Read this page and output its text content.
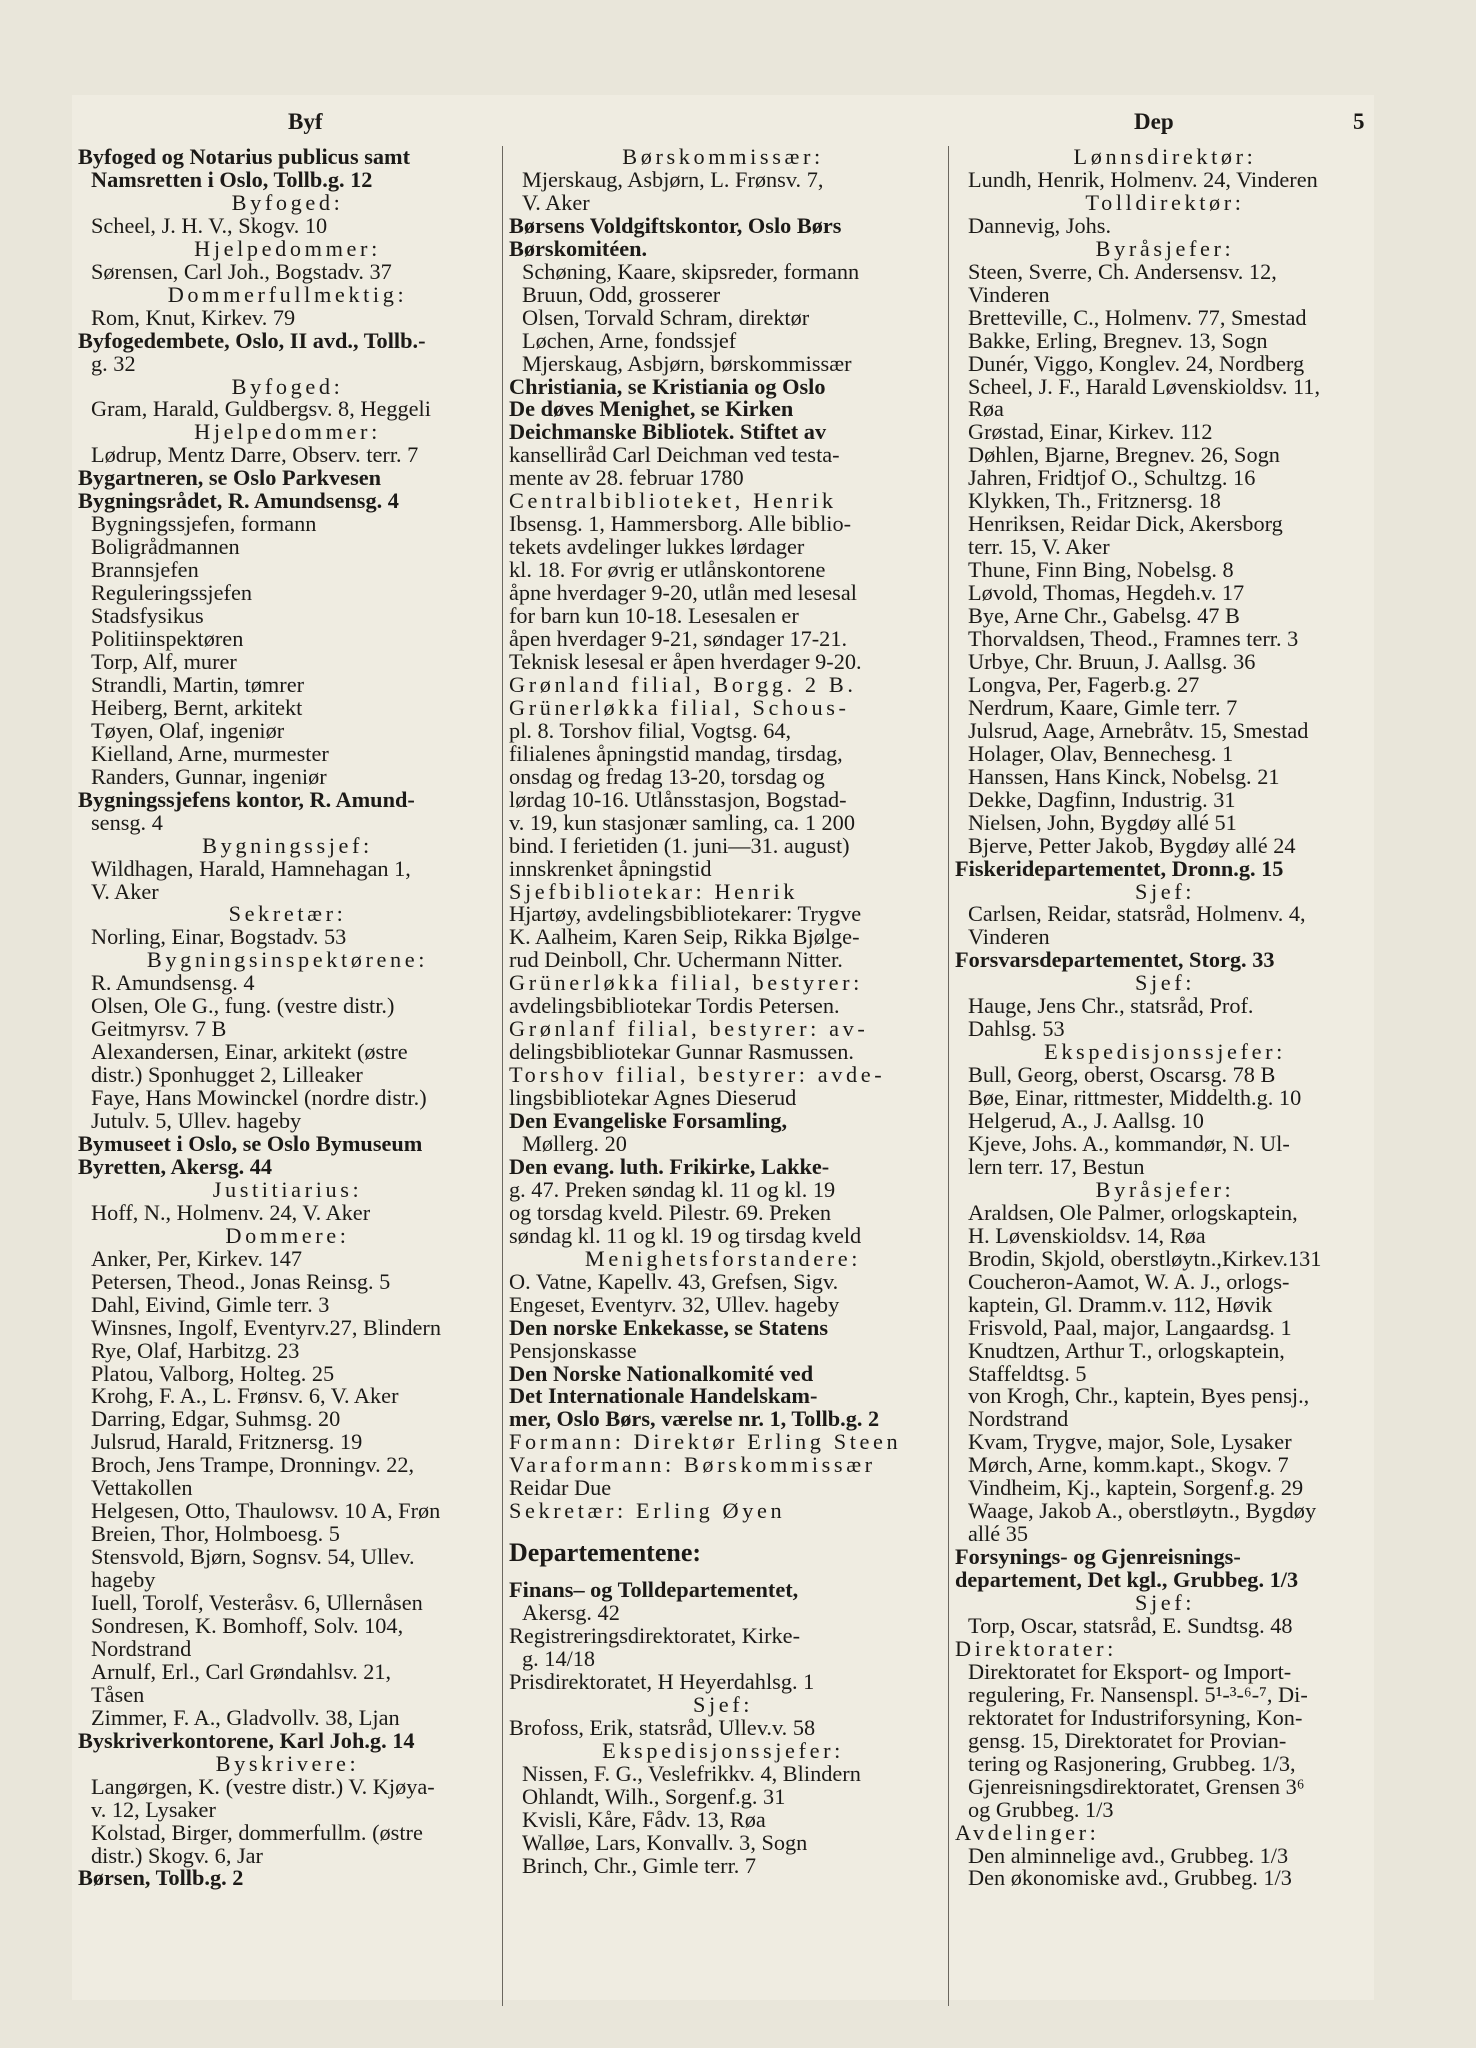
Byf	Dep	5
Byfoged og Notarius publicus samt
Namsretten i Oslo, Tollb.g. 12
Byfoged:
Scheel, J. H. V., Skogv. 10
Hjelpedommer:
Sørensen, Carl Joh., Bogstadv. 37
Dommerfullmektig:
Rom, Knut, Kirkev. 79
Byfogedembete, Oslo, II avd., Tollb.-
g. 32
Byfoged:
Gram, Harald, Guldbergsv. 8, Heggeli
Hjelpedommer:
Lødrup, Mentz Darre, Observ. terr. 7
Bygartneren, se Oslo Parkvesen
Bygningsrådet, R. Amundsensg. 4
Bygningssjefen, formann
Boligrådmannen
Brannsjefen
Reguleringssjefen
Stadsfysikus
Politiinspektøren
Torp, Alf, murer
Strandli, Martin, tømrer
Heiberg, Bernt, arkitekt
Tøyen, Olaf, ingeniør
Kielland, Arne, murmester
Randers, Gunnar, ingeniør
Bygningssjefens kontor, R. Amund-
sensg. 4
Bygningssjef:
Wildhagen, Harald, Hamnehagan 1,
V. Aker
Sekretær:
Norling, Einar, Bogstadv. 53
Bygningsinspektørene:
R. Amundsensg. 4
Olsen, Ole G., fung. (vestre distr.)
Geitmyrsv. 7 B
Alexandersen, Einar, arkitekt (østre
distr.) Sponhugget 2, Lilleaker
Faye, Hans Mowinckel (nordre distr.)
Jutulv. 5, Ullev. hageby
Bymuseet i Oslo, se Oslo Bymuseum
Byretten, Akersg. 44
Justitiarius:
Hoff, N., Holmenv. 24, V. Aker
Dommere:
Anker, Per, Kirkev. 147
Petersen, Theod., Jonas Reinsg. 5
Dahl, Eivind, Gimle terr. 3
Winsnes, Ingolf, Eventyrv.27, Blindern
Rye, Olaf, Harbitzg. 23
Platou, Valborg, Holteg. 25
Krohg, F. A., L. Frønsv. 6, V. Aker
Darring, Edgar, Suhmsg. 20
Julsrud, Harald, Fritznersg. 19
Broch, Jens Trampe, Dronningv. 22,
Vettakollen
Helgesen, Otto, Thaulowsv. 10 A, Frøn
Breien, Thor, Holmboesg. 5
Stensvold, Bjørn, Sognsv. 54, Ullev.
hageby
Iuell, Torolf, Vesteråsv. 6, Ullernåsen
Sondresen, K. Bomhoff, Solv. 104,
Nordstrand
Arnulf, Erl., Carl Grøndahlsv. 21,
Tåsen
Zimmer, F. A., Gladvollv. 38, Ljan
Byskriverkontorene, Karl Joh.g. 14
Byskrivere:
Langørgen, K. (vestre distr.) V. Kjøya-
v. 12, Lysaker
Kolstad, Birger, dommerfullm. (østre
distr.) Skogv. 6, Jar
Børsen, Tollb.g. 2
Børskommissær:
Mjerskaug, Asbjørn, L. Frønsv. 7,
V. Aker
Børsens Voldgiftskontor, Oslo Børs
Børskomitéen.
Schøning, Kaare, skipsreder, formann
Bruun, Odd, grosserer
Olsen, Torvald Schram, direktør
Løchen, Arne, fondssjef
Mjerskaug, Asbjørn, børskommissær
Christiania, se Kristiania og Oslo
De døves Menighet, se Kirken
Deichmanske Bibliotek. Stiftet av
kanselliråd Carl Deichman ved testa-
mente av 28. februar 1780
Centralbiblioteket, Henrik
Ibsensg. 1, Hammersborg. Alle biblio-
tekets avdelinger lukkes lørdager
kl. 18. For øvrig er utlånskontorene
åpne hverdager 9-20, utlån med lesesal
for barn kun 10-18. Lesesalen er
åpen hverdager 9-21, søndager 17-21.
Teknisk lesesal er åpen hverdager 9-20.
Grønland filial, Borgg. 2 B.
Grünerløkka filial, Schous-
pl. 8. Torshov filial, Vogtsg. 64,
filialenes åpningstid mandag, tirsdag,
onsdag og fredag 13-20, torsdag og
lørdag 10-16. Utlånsstasjon, Bogstad-
v. 19, kun stasjonær samling, ca. 1 200
bind. I ferietiden (1. juni—31. august)
innskrenket åpningstid
Sjefbibliotekar: Henrik
Hjartøy, avdelingsbibliotekarer: Trygve
K. Aalheim, Karen Seip, Rikka Bjølge-
rud Deinboll, Chr. Uchermann Nitter.
Grünerløkka filial, bestyrer:
avdelingsbibliotekar Tordis Petersen.
Grønlanf filial, bestyrer: av-
delingsbibliotekar Gunnar Rasmussen.
Torshov filial, bestyrer: avde-
lingsbibliotekar Agnes Dieserud
Den Evangeliske Forsamling,
Møllerg. 20
Den evang. luth. Frikirke, Lakke-
g. 47. Preken søndag kl. 11 og kl. 19
og torsdag kveld. Pilestr. 69. Preken
søndag kl. 11 og kl. 19 og tirsdag kveld
Menighetsforstandere:
O. Vatne, Kapellv. 43, Grefsen, Sigv.
Engeset, Eventyrv. 32, Ullev. hageby
Den norske Enkekasse, se Statens
Pensjonskasse
Den Norske Nationalkomité ved
Det Internationale Handelskam-
mer, Oslo Børs, værelse nr. 1, Tollb.g. 2
Formann: Direktør Erling Steen
Varaformann: Børskommissær
Reidar Due
Sekretær: Erling Øyen
Departementene:
Finans– og Tolldepartementet,
Akersg. 42
Registreringsdirektoratet, Kirke-
g. 14/18
Prisdirektoratet, H Heyerdahlsg. 1
Sjef:
Brofoss, Erik, statsråd, Ullev.v. 58
Ekspedisjonssjefer:
Nissen, F. G., Veslefrikkv. 4, Blindern
Ohlandt, Wilh., Sorgenf.g. 31
Kvisli, Kåre, Fådv. 13, Røa
Walløe, Lars, Konvallv. 3, Sogn
Brinch, Chr., Gimle terr. 7
Lønnsdirektør:
Lundh, Henrik, Holmenv. 24, Vinderen
Tolldirektør:
Dannevig, Johs.
Byråsjefer:
Steen, Sverre, Ch. Andersensv. 12,
Vinderen
Bretteville, C., Holmenv. 77, Smestad
Bakke, Erling, Bregnev. 13, Sogn
Dunér, Viggo, Konglev. 24, Nordberg
Scheel, J. F., Harald Løvenskioldsv. 11,
Røa
Grøstad, Einar, Kirkev. 112
Døhlen, Bjarne, Bregnev. 26, Sogn
Jahren, Fridtjof O., Schultzg. 16
Klykken, Th., Fritznersg. 18
Henriksen, Reidar Dick, Akersborg
terr. 15, V. Aker
Thune, Finn Bing, Nobelsg. 8
Løvold, Thomas, Hegdeh.v. 17
Bye, Arne Chr., Gabelsg. 47 B
Thorvaldsen, Theod., Framnes terr. 3
Urbye, Chr. Bruun, J. Aallsg. 36
Longva, Per, Fagerb.g. 27
Nerdrum, Kaare, Gimle terr. 7
Julsrud, Aage, Arnebråtv. 15, Smestad
Holager, Olav, Bennechesg. 1
Hanssen, Hans Kinck, Nobelsg. 21
Dekke, Dagfinn, Industrig. 31
Nielsen, John, Bygdøy allé 51
Bjerve, Petter Jakob, Bygdøy allé 24
Fiskeridepartementet, Dronn.g. 15
Sjef:
Carlsen, Reidar, statsråd, Holmenv. 4,
Vinderen
Forsvarsdepartementet, Storg. 33
Sjef:
Hauge, Jens Chr., statsråd, Prof.
Dahlsg. 53
Ekspedisjonssjefer:
Bull, Georg, oberst, Oscarsg. 78 B
Bøe, Einar, rittmester, Middelth.g. 10
Helgerud, A., J. Aallsg. 10
Kjeve, Johs. A., kommandør, N. Ul-
lern terr. 17, Bestun
Byråsjefer:
Araldsen, Ole Palmer, orlogskaptein,
H. Løvenskioldsv. 14, Røa
Brodin, Skjold, oberstløytn.,Kirkev.131
Coucheron-Aamot, W. A. J., orlogs-
kaptein, Gl. Dramm.v. 112, Høvik
Frisvold, Paal, major, Langaardsg. 1
Knudtzen, Arthur T., orlogskaptein,
Staffeldtsg. 5
von Krogh, Chr., kaptein, Byes pensj.,
Nordstrand
Kvam, Trygve, major, Sole, Lysaker
Mørch, Arne, komm.kapt., Skogv. 7
Vindheim, Kj., kaptein, Sorgenf.g. 29
Waage, Jakob A., oberstløytn., Bygdøy
allé 35
Forsynings- og Gjenreisnings-
departement, Det kgl., Grubbeg. 1/3
Sjef:
Torp, Oscar, statsråd, E. Sundtsg. 48
Direktorater:
Direktoratet for Eksport- og Import-
regulering, Fr. Nansenspl. 5¹-³-⁶-⁷, Di-
rektoratet for Industriforsyning, Kon-
gensg. 15, Direktoratet for Provian-
tering og Rasjonering, Grubbeg. 1/3,
Gjenreisningsdirektoratet, Grensen 3⁶
og Grubbeg. 1/3
Avdelinger:
Den alminnelige avd., Grubbeg. 1/3
Den økonomiske avd., Grubbeg. 1/3
